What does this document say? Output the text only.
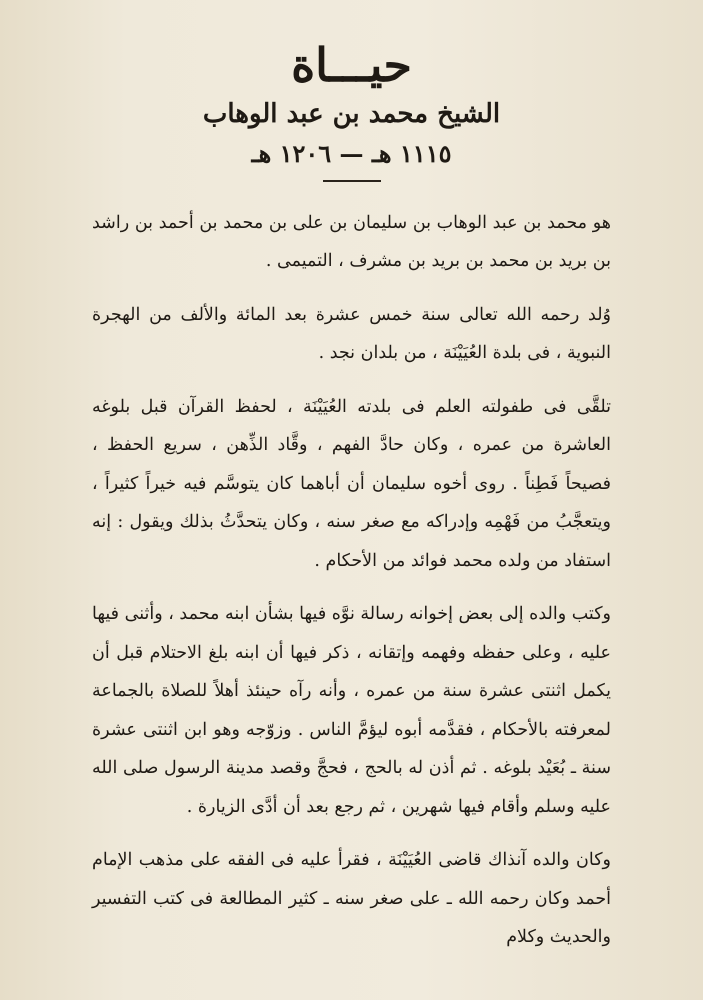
حيـــاة
الشيخ محمد بن عبد الوهاب
١١١٥ هـ — ١٢٠٦ هـ

هو محمد بن عبد الوهاب بن سليمان بن على بن محمد بن أحمد بن راشد بن بريد بن محمد بن بريد بن مشرف ، التميمى .

وُلد رحمه الله تعالى سنة خمس عشرة بعد المائة والألف من الهجرة النبوية ، فى بلدة العُيَيْنَة ، من بلدان نجد .

تلقَّى فى طفولته العلم فى بلدته العُيَيْنَة ، لحفظ القرآن قبل بلوغه العاشرة من عمره ، وكان حادَّ الفهم ، وقَّاد الذِّهن ، سريع الحفظ ، فصيحاً فَطِناً . روى أخوه سليمان أن أباهما كان يتوسَّم فيه خيراً كثيراً ، ويتعجَّبُ من فَهْمِه وإدراكه مع صغر سنه ، وكان يتحدَّثُ بذلك ويقول : إنه استفاد من ولده محمد فوائد من الأحكام .

وكتب والده إلى بعض إخوانه رسالة نوَّه فيها بشأن ابنه محمد ، وأثنى فيها عليه ، وعلى حفظه وفهمه وإتقانه ، ذكر فيها أن ابنه بلغ الاحتلام قبل أن يكمل اثنتى عشرة سنة من عمره ، وأنه رآه حينئذ أهلاً للصلاة بالجماعة لمعرفته بالأحكام ، فقدَّمه أبوه ليؤمَّ الناس . وزوّجه وهو ابن اثنتى عشرة سنة ـ بُعَيْد بلوغه . ثم أذن له بالحج ، فحجَّ وقصد مدينة الرسول صلى الله عليه وسلم وأقام فيها شهرين ، ثم رجع بعد أن أدَّى الزيارة .

وكان والده آنذاك قاضى العُيَيْنَة ، فقرأ عليه فى الفقه على مذهب الإمام أحمد وكان رحمه الله ـ على صغر سنه ـ كثير المطالعة فى كتب التفسير والحديث وكلام
